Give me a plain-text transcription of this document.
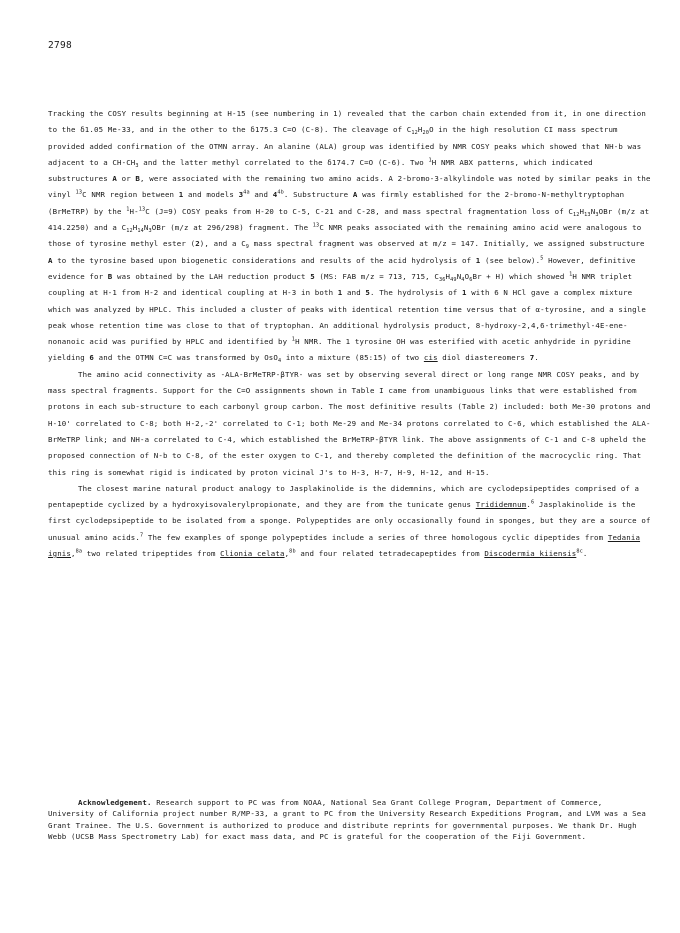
2798

Tracking the COSY results beginning at H-15 (see numbering in 1) revealed that the carbon chain extended from it, in one direction to the δ1.05 Me-33, and in the other to the δ175.3 C=O (C-8). The cleavage of $C_{12}H_{20}O$ in the high resolution CI mass spectrum provided added confirmation of the OTMN array. An alanine (ALA) group was identified by NMR COSY peaks which showed that NH-b was adjacent to a $CH-CH_3$ and the latter methyl correlated to the δ174.7 C=O (C-6). Two $^1$H NMR ABX patterns, which indicated substructures A or B, were associated with the remaining two amino acids. A 2-bromo-3-alkylindole was noted by similar peaks in the vinyl $^{13}$C NMR region between 1 and models $3^{4a}$ and $4^{4b}$. Substructure A was firmly established for the 2-bromo-N-methyltryptophan (BrMeTRP) by the $^1$H-$^{13}$C (J=9) COSY peaks from H-20 to C-5, C-21 and C-28, and mass spectral fragmentation loss of $C_{12}H_{13}N_3OBr$ (m/z at 414.2250) and a $C_{12}H_{14}N_3OBr$ (m/z at 296/298) fragment. The $^{13}$C NMR peaks associated with the remaining amino acid were analogous to those of tyrosine methyl ester (2), and a $C_9$ mass spectral fragment was observed at m/z = 147. Initially, we assigned substructure A to the tyrosine based upon biogenetic considerations and results of the acid hydrolysis of 1 (see below).$^5$ However, definitive evidence for B was obtained by the LAH reduction product 5 (MS: FAB m/z = 713, 715, $C_{36}H_{49}N_4O_6Br + H$) which showed $^1$H NMR triplet coupling at H-1 from H-2 and identical coupling at H-3 in both 1 and 5. The hydrolysis of 1 with 6 N HCl gave a complex mixture which was analyzed by HPLC. This included a cluster of peaks with identical retention time versus that of α-tyrosine, and a single peak whose retention time was close to that of tryptophan. An additional hydrolysis product, 8-hydroxy-2,4,6-trimethyl-4E-ene-nonanoic acid was purified by HPLC and identified by $^1$H NMR. The 1 tyrosine OH was esterified with acetic anhydride in pyridine yielding 6 and the OTMN C=C was transformed by OsO$_4$ into a mixture (85:15) of two cis diol diastereomers 7.

The amino acid connectivity as -ALA-BrMeTRP-βTYR- was set by observing several direct or long range NMR COSY peaks, and by mass spectral fragments. Support for the C=O assignments shown in Table I came from unambiguous links that were established from protons in each sub-structure to each carbonyl group carbon. The most definitive results (Table 2) included: both Me-30 protons and H-10' correlated to C-8; both H-2,-2' correlated to C-1; both Me-29 and Me-34 protons correlated to C-6, which established the ALA-BrMeTRP link; and NH-a correlated to C-4, which established the BrMeTRP-βTYR link. The above assignments of C-1 and C-8 upheld the proposed connection of N-b to C-8, of the ester oxygen to C-1, and thereby completed the definition of the macrocyclic ring. That this ring is somewhat rigid is indicated by proton vicinal J's to H-3, H-7, H-9, H-12, and H-15.

The closest marine natural product analogy to Jasplakinolide is the didemnins, which are cyclodepsipeptides comprised of a pentapeptide cyclized by a hydroxyisovalerylpropionate, and they are from the tunicate genus Trididemnum.$^6$ Jasplakinolide is the first cyclodepsipeptide to be isolated from a sponge. Polypeptides are only occasionally found in sponges, but they are a source of unusual amino acids.$^7$ The few examples of sponge polypeptides include a series of three homologous cyclic dipeptides from Tedania ignis,$^{8a}$ two related tripeptides from Clionia celata,$^{8b}$ and four related tetradecapeptides from Discodermia kiiensis$^{8c}$.

Acknowledgement. Research support to PC was from NOAA, National Sea Grant College Program, Department of Commerce, University of California project number R/MP-33, a grant to PC from the University Research Expeditions Program, and LVM was a Sea Grant Trainee. The U.S. Government is authorized to produce and distribute reprints for governmental purposes. We thank Dr. Hugh Webb (UCSB Mass Spectrometry Lab) for exact mass data, and PC is grateful for the cooperation of the Fiji Government.
